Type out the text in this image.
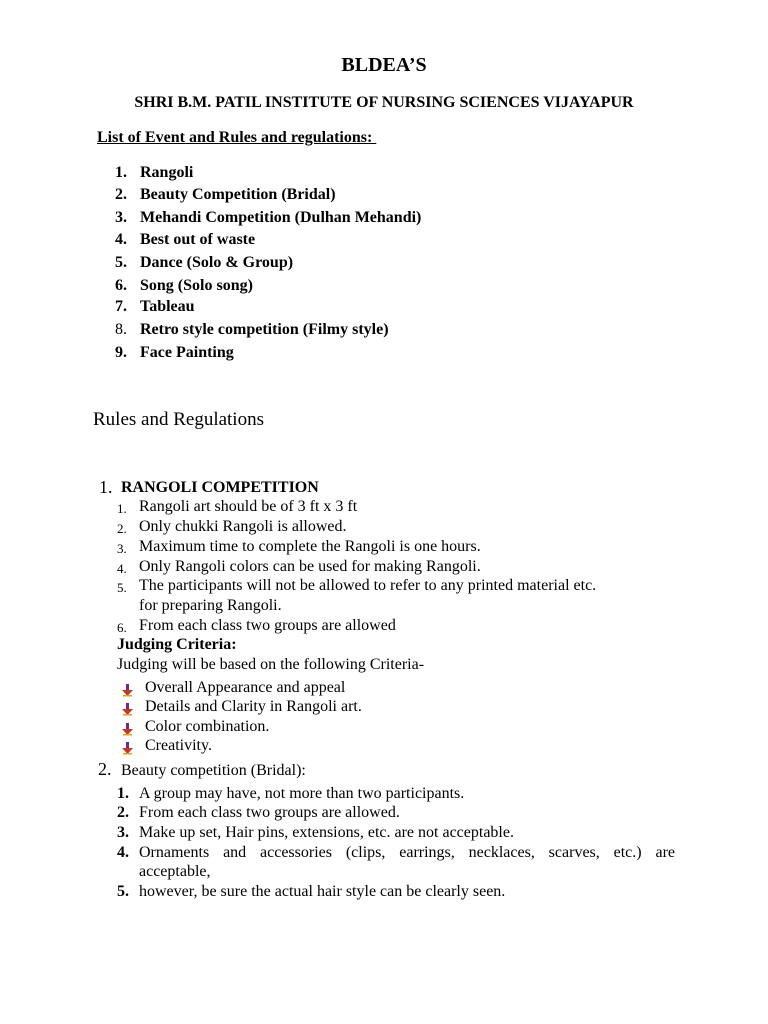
BLDEA’S
SHRI B.M. PATIL INSTITUTE OF NURSING SCIENCES VIJAYAPUR
List of Event and Rules and regulations:
1. Rangoli
2. Beauty Competition (Bridal)
3. Mehandi Competition (Dulhan Mehandi)
4. Best out of waste
5. Dance (Solo & Group)
6. Song (Solo song)
7. Tableau
8. Retro style competition (Filmy style)
9. Face Painting
Rules and Regulations
1. RANGOLI COMPETITION
1. Rangoli art should be of 3 ft x 3 ft
2. Only chukki Rangoli is allowed.
3. Maximum time to complete the Rangoli is one hours.
4. Only Rangoli colors can be used for making Rangoli.
5. The participants will not be allowed to refer to any printed material etc.
for preparing Rangoli.
6. From each class two groups are allowed
Judging Criteria:
Judging will be based on the following Criteria-
Overall Appearance and appeal
Details and Clarity in Rangoli art.
Color combination.
Creativity.
2. Beauty competition (Bridal):
1. A group may have, not more than two participants.
2. From each class two groups are allowed.
3. Make up set, Hair pins, extensions, etc. are not acceptable.
4. Ornaments and accessories (clips, earrings, necklaces, scarves, etc.) are
acceptable,
5. however, be sure the actual hair style can be clearly seen.
